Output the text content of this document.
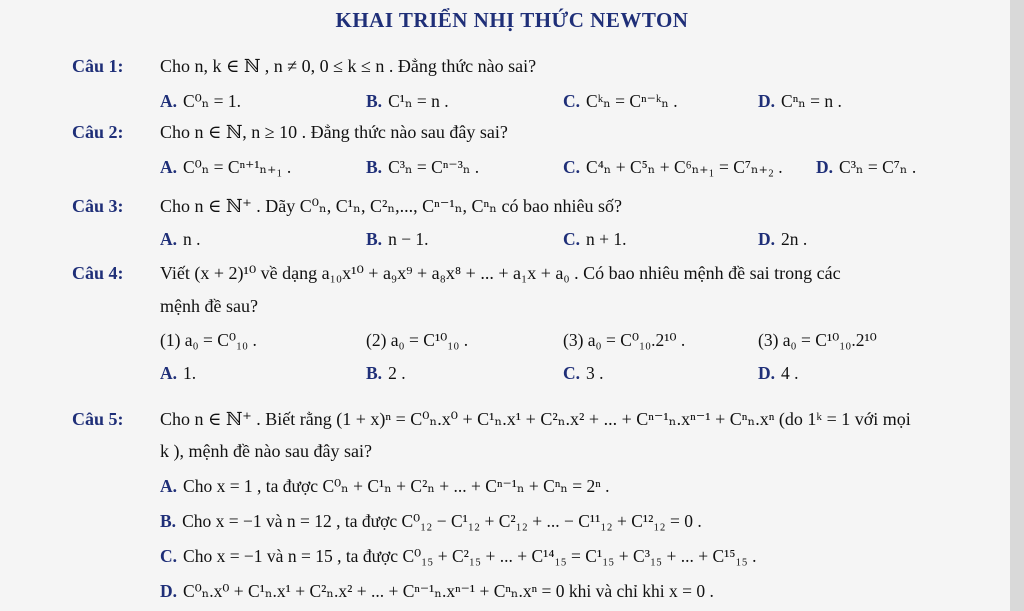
KHAI TRIỂN NHỊ THỨC NEWTON
Câu 1: Cho n, k ∈ ℕ , n ≠ 0, 0 ≤ k ≤ n . Đẳng thức nào sai?
A. C⁰ₙ = 1.	B. C¹ₙ = n .	C. Cᵏₙ = Cⁿ⁻ᵏₙ .	D. Cⁿₙ = n .
Câu 2: Cho n ∈ ℕ, n ≥ 10 . Đẳng thức nào sau đây sai?
A. C⁰ₙ = Cⁿ⁺¹ₙ₊₁ .	B. C³ₙ = Cⁿ⁻³ₙ .	C. C⁴ₙ + C⁵ₙ + C⁶ₙ₊₁ = C⁷ₙ₊₂ . D. C³ₙ = C⁷ₙ .
Câu 3: Cho n ∈ ℕ⁺ . Dãy C⁰ₙ, C¹ₙ, C²ₙ,..., Cⁿ⁻¹ₙ, Cⁿₙ có bao nhiêu số?
A. n .	B. n − 1.	C. n + 1.	D. 2n .
Câu 4: Viết (x + 2)¹⁰ về dạng a₁₀x¹⁰ + a₉x⁹ + a₈x⁸ + ... + a₁x + a₀ . Có bao nhiêu mệnh đề sai trong các
mệnh đề sau?
(1) a₀ = C⁰₁₀ .	(2) a₀ = C¹⁰₁₀ .	(3) a₀ = C⁰₁₀.2¹⁰ .	(3) a₀ = C¹⁰₁₀.2¹⁰
A. 1.	B. 2 .	C. 3 .	D. 4 .
Câu 5: Cho n ∈ ℕ⁺ . Biết rằng (1 + x)ⁿ = C⁰ₙ.x⁰ + C¹ₙ.x¹ + C²ₙ.x² + ... + Cⁿ⁻¹ₙ.xⁿ⁻¹ + Cⁿₙ.xⁿ (do 1ᵏ = 1 với mọi
k ), mệnh đề nào sau đây sai?
A. Cho x = 1 , ta được C⁰ₙ + C¹ₙ + C²ₙ + ... + Cⁿ⁻¹ₙ + Cⁿₙ = 2ⁿ .
B. Cho x = −1 và n = 12 , ta được C⁰₁₂ − C¹₁₂ + C²₁₂ + ... − C¹¹₁₂ + C¹²₁₂ = 0 .
C. Cho x = −1 và n = 15 , ta được C⁰₁₅ + C²₁₅ + ... + C¹⁴₁₅ = C¹₁₅ + C³₁₅ + ... + C¹⁵₁₅ .
D. C⁰ₙ.x⁰ + C¹ₙ.x¹ + C²ₙ.x² + ... + Cⁿ⁻¹ₙ.xⁿ⁻¹ + Cⁿₙ.xⁿ = 0 khi và chỉ khi x = 0 .
